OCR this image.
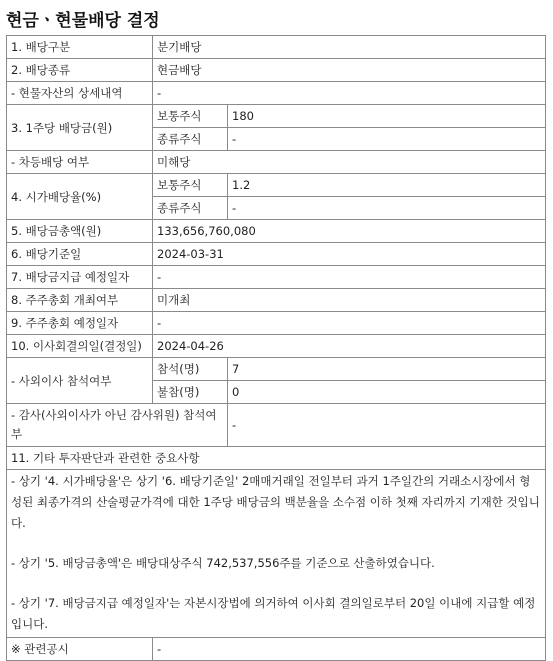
현금ㆍ현물배당 결정
1. 배당구분	분기배당	
2. 배당종류	현금배당	
- 현물자산의 상세내역	-	
3. 1주당 배당금(원)	보통주식	180
	종류주식	-
- 차등배당 여부	미해당	
4. 시가배당율(%)	보통주식	1.2
	종류주식	-
5. 배당금총액(원)	133,656,760,080	
6. 배당기준일	2024-03-31	
7. 배당금지급 예정일자	-	
8. 주주총회 개최여부	미개최	
9. 주주총회 예정일자	-	
10. 이사회결의일(결정일)	2024-04-26	
- 사외이사 참석여부	참석(명)	7
	불참(명)	0
- 감사(사외이사가 아닌 감사위원) 참석여부		-
11. 기타 투자판단과 관련한 중요사항		

- 상기 '4. 시가배당율'은 상기 '6. 배당기준일' 2매매거래일 전일부터 과거 1주일간의 거래소시장에서 형성된 최종가격의 산술평균가격에 대한 1주당 배당금의 백분율을 소수점 이하 첫째 자리까지 기재한 것입니다.
- 상기 '5. 배당금총액'은 배당대상주식 742,537,556주를 기준으로 산출하였습니다.
- 상기 '7. 배당금지급 예정일자'는 자본시장법에 의거하여 이사회 결의일로부터 20일 이내에 지급할 예정입니다.		

※ 관련공시	-	
